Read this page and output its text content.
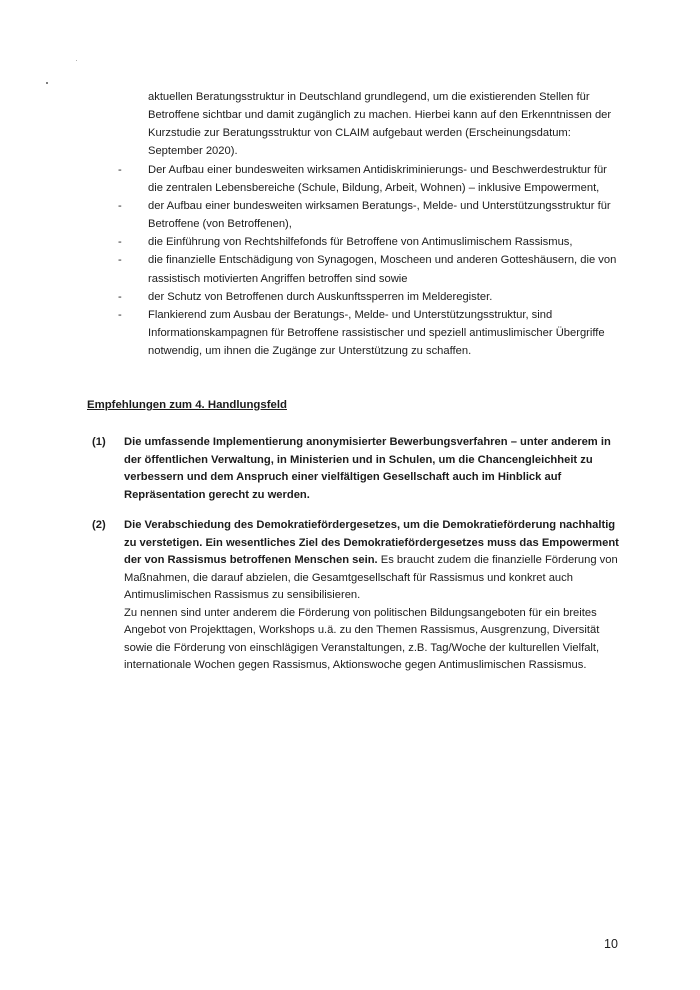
aktuellen Beratungsstruktur in Deutschland grundlegend, um die existierenden Stellen für Betroffene sichtbar und damit zugänglich zu machen. Hierbei kann auf den Erkenntnissen der Kurzstudie zur Beratungsstruktur von CLAIM aufgebaut werden (Erscheinungsdatum: September 2020).

-	Der Aufbau einer bundesweiten wirksamen Antidiskriminierungs- und Beschwerdestruktur für die zentralen Lebensbereiche (Schule, Bildung, Arbeit, Wohnen) – inklusive Empowerment,
-	der Aufbau einer bundesweiten wirksamen Beratungs-, Melde- und Unterstützungsstruktur für Betroffene (von Betroffenen),
-	die Einführung von Rechtshilfefonds für Betroffene von Antimuslimischem Rassismus,
-	die finanzielle Entschädigung von Synagogen, Moscheen und anderen Gotteshäusern, die von rassistisch motivierten Angriffen betroffen sind sowie
-	der Schutz von Betroffenen durch Auskunftssperren im Melderegister.
-	Flankierend zum Ausbau der Beratungs-, Melde- und Unterstützungsstruktur, sind Informationskampagnen für Betroffene rassistischer und speziell antimuslimischer Übergriffe notwendig, um ihnen die Zugänge zur Unterstützung zu schaffen.

Empfehlungen zum 4. Handlungsfeld

(1) Die umfassende Implementierung anonymisierter Bewerbungsverfahren – unter anderem in der öffentlichen Verwaltung, in Ministerien und in Schulen, um die Chancengleichheit zu verbessern und dem Anspruch einer vielfältigen Gesellschaft auch im Hinblick auf Repräsentation gerecht zu werden.
(2) Die Verabschiedung des Demokratiefördergesetzes, um die Demokratieförderung nachhaltig zu verstetigen. Ein wesentliches Ziel des Demokratiefördergesetzes muss das Empowerment der von Rassismus betroffenen Menschen sein. Es braucht zudem die finanzielle Förderung von Maßnahmen, die darauf abzielen, die Gesamtgesellschaft für Rassismus und konkret auch Antimuslimischen Rassismus zu sensibilisieren.
Zu nennen sind unter anderem die Förderung von politischen Bildungsangeboten für ein breites Angebot von Projekttagen, Workshops u.ä. zu den Themen Rassismus, Ausgrenzung, Diversität sowie die Förderung von einschlägigen Veranstaltungen, z.B. Tag/Woche der kulturellen Vielfalt, internationale Wochen gegen Rassismus, Aktionswoche gegen Antimuslimischen Rassismus.

10
